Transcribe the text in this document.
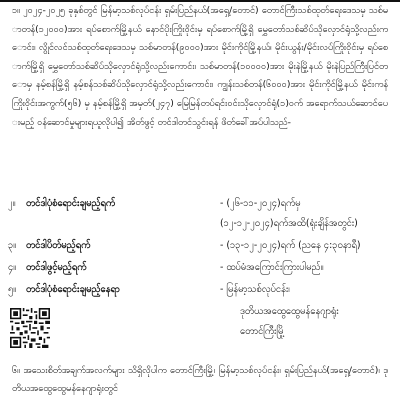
၁။ ၂၀၂၄-၂၀၂၅ ခုနှစ်တွင် မြန်မာ့သစ်လုပ်ငန်း ရှမ်းပြည်နယ်(အရှေ့/တောင်) တောင်ကြီးသစ်ထုတ်ရေးဒေသမှ သစ်မာတန်(၁၂၀၀၀)အား ရပ်စောက်မြို့နယ် နောင်ပိုးကြိုးဝိုင်းမှ ရပ်စောက်မြို့ရှိ မွှေတော်သစ်ဆိပ်သိုလှောင်ရုံသို့လည်းကောင်း၊ လွိုင်လင်သစ်ထုတ်ရေးဒေသမှ သစ်မာတန်(၉၀၀၀)အား မိုင်းကိုင်မြို့နယ်၊ မိုင်းယွန်း/မိုင်းလပ်ကြိုးဝိုင်းမှ ရပ်စောက်မြို့ရှိ မွှေတော်သစ်ဆိပ်သိုလှောင်ရုံသို့လည်းကောင်း၊ သစ်မာတန်(၁၀၀၀၀)အား မိုးနဲမြို့နယ် မိုးနဲပြည်ကြီးပြင်တောမှ နမ့်စန်မြို့ရှိ နမ့်စန်သစ်ဆိပ်သိုလှောင်ရုံသို့လည်းကောင်း၊ ကျွန်းသစ်တန်(၆၀၀၀)အား မိုင်းကိုင်မြို့နယ် မိုင်းကန်ကြိုးဝိုင်းအကွက်(၅၆) မှ နမ့်စန်မြို့ရှိ အမှတ်(၂၄၇) မြေမြန်တပ်ရင်း၀င်းသိုလှောင်ရုံ(၁)ဝက် အရောက်သယ်ဆောင်ပေးမည့် ဝန်ဆောင်မှုများရယူလိုပါ၍ အိတ်ဖွင့် တင်ဒါတင်သွင်းရန် ဖိတ်ခေါ်အပ်ပါသည်-
၂။	တင်ဒါပုံစံရောင်းချမည့်ရက်	- (၂၆-၁၁-၂၀၂၄)ရက်မှ
(၁၂-၁၂-၂၀၂၄)ရက်အထိ(ရုံးချိန်အတွင်း)
၃။	တင်ဒါပိတ်မည့်ရက်	- (၁၃-၁၂-၂၀၂၄)ရက် (ညနေ ၄:၃၀နာရီ)
၄။	တင်ဒါဖွင့်မည့်ရက်	- ထပ်မံအကြောင်းကြားပါမည်။
၅။	တင်ဒါပုံစံရောင်းချမည့်နေရာ	- မြန်မာ့သစ်လုပ်ငန်း၊
ဒုတိယအထွေထွေမန်နေဂျာရုံး
တောင်ကြီးမြို့
၆။ အသေးစိတ်အချက်အလက်များ သိရှိလိုပါက တောင်ကြီးမြို့၊ မြန်မာ့သစ်လုပ်ငန်း၊ ရှမ်းပြည်နယ်(အရှေ့/တောင်)၊ ဒုတိယအထွေထွေမန်နေဂျာရုံးတွင်
